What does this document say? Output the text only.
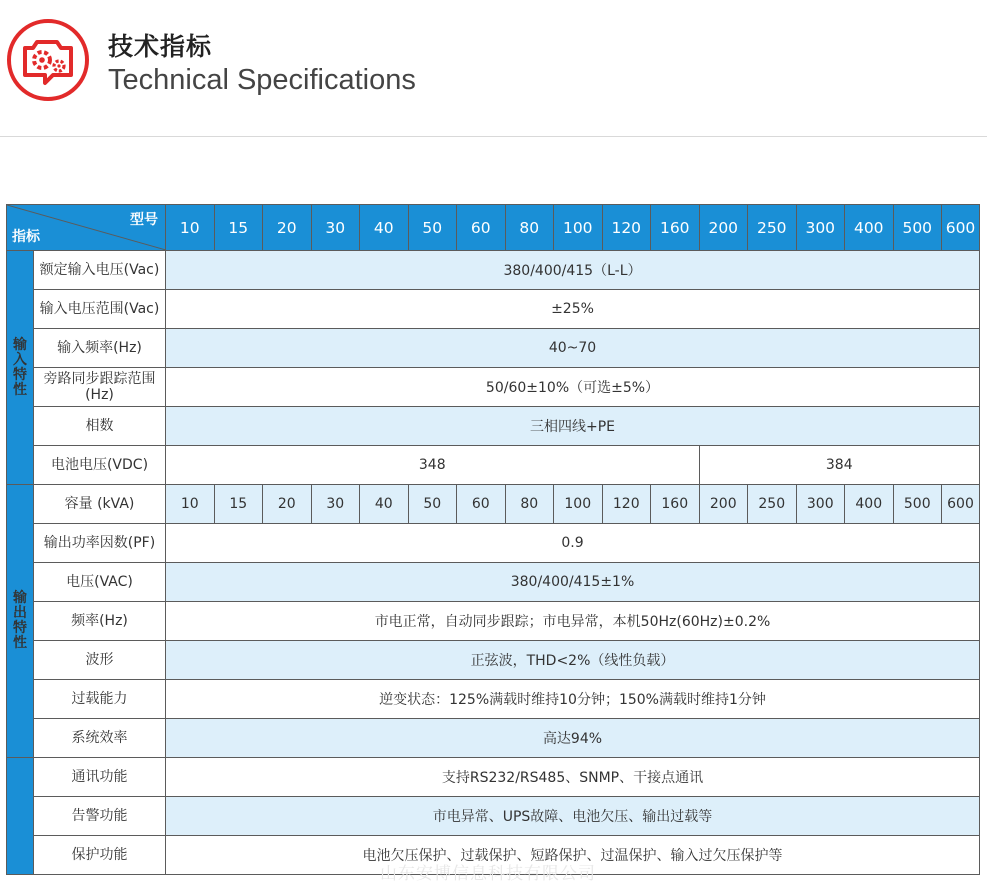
技术指标
Technical Specifications
型号
指标		10	15	20	30	40	50	60	80	100	120	160	200	250	300	400	500	600
输
入
特
性	额定输入电压(Vac)	380/400/415（L-L）																
	输入电压范围(Vac)	±25%																
	输入频率(Hz)	40~70																
	旁路同步跟踪范围(Hz)	50/60±10%（可选±5%）																
	相数	三相四线+PE																
	电池电压(VDC)	348											384					
输
出
特
性	容量 (kVA)	10	15	20	30	40	50	60	80	100	120	160	200	250	300	400	500	600
	输出功率因数(PF)	0.9																
	电压(VAC)	380/400/415±1%																
	频率(Hz)	市电正常，自动同步跟踪；市电异常，本机50Hz(60Hz)±0.2%																
	波形	正弦波，THD<2%（线性负载）																
	过载能力	逆变状态：125%满载时维持10分钟；150%满载时维持1分钟																
	系统效率	高达94%																
	通讯功能	支持RS232/RS485、SNMP、干接点通讯																
	告警功能	市电异常、UPS故障、电池欠压、输出过载等																
	保护功能	电池欠压保护、过载保护、短路保护、过温保护、输入过欠压保护等																
山东安博信息科技有限公司
